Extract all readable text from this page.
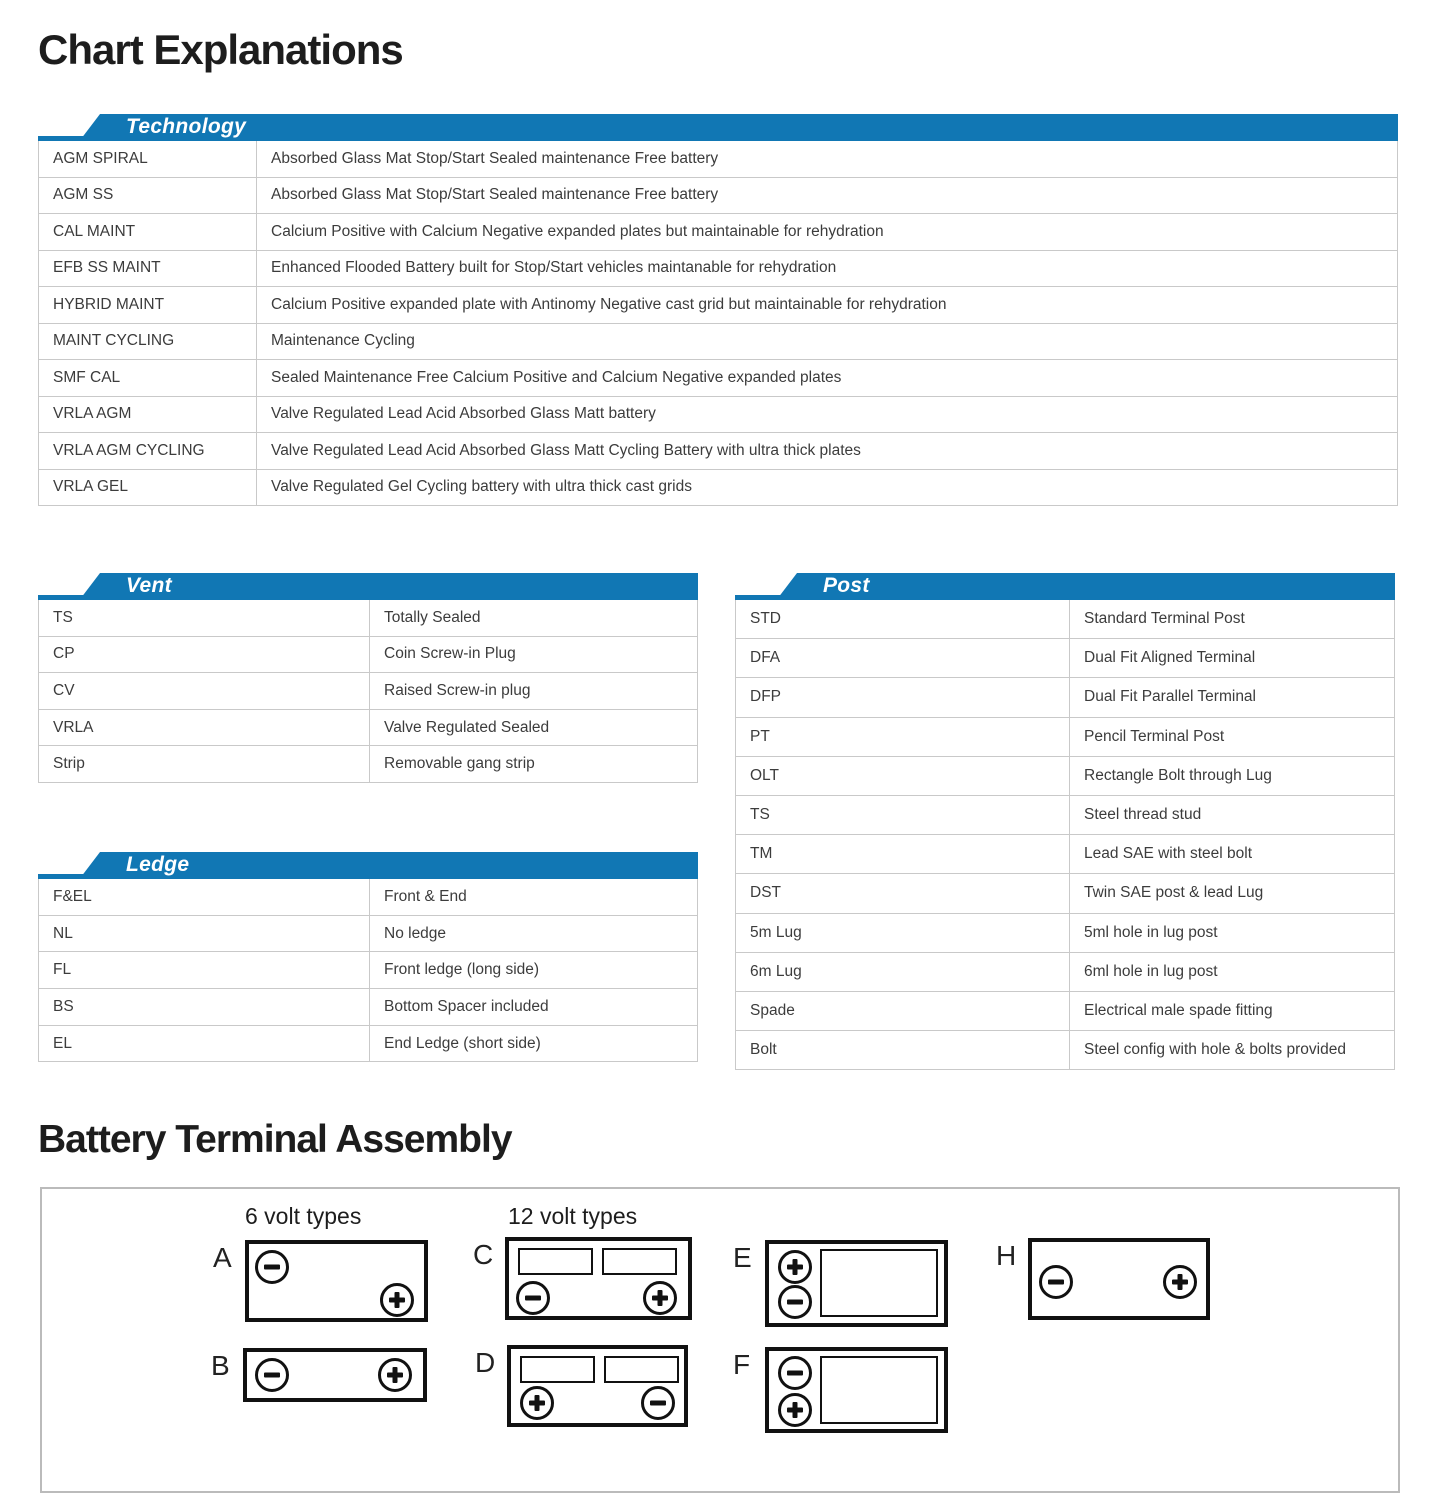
Chart Explanations
Technology
AGM SPIRAL	Absorbed Glass Mat Stop/Start Sealed maintenance Free battery
AGM SS	Absorbed Glass Mat Stop/Start Sealed maintenance Free battery
CAL MAINT	Calcium Positive with Calcium Negative expanded plates but maintainable for rehydration
EFB SS MAINT	Enhanced Flooded Battery built for Stop/Start vehicles maintanable for rehydration
HYBRID MAINT	Calcium Positive expanded plate with Antinomy Negative cast grid but maintainable for rehydration
MAINT CYCLING	Maintenance Cycling
SMF CAL	Sealed Maintenance Free Calcium Positive and Calcium Negative expanded plates
VRLA AGM	Valve Regulated Lead Acid Absorbed Glass Matt battery
VRLA AGM CYCLING	Valve Regulated Lead Acid Absorbed Glass Matt Cycling Battery with ultra thick plates
VRLA GEL	Valve Regulated Gel Cycling battery with ultra thick cast grids
Vent
TS	Totally Sealed
CP	Coin Screw-in Plug
CV	Raised Screw-in plug
VRLA	Valve Regulated Sealed
Strip	Removable gang strip
Post
STD	Standard Terminal Post
DFA	Dual Fit Aligned Terminal
DFP	Dual Fit Parallel Terminal
PT	Pencil Terminal Post
OLT	Rectangle Bolt through Lug
TS	Steel thread stud
TM	Lead SAE with steel bolt
DST	Twin SAE post & lead Lug
5m Lug	5ml hole in lug post
6m Lug	6ml hole in lug post
Spade	Electrical male spade fitting
Bolt	Steel config with hole & bolts provided
Ledge
F&EL	Front & End
NL	No ledge
FL	Front ledge (long side)
BS	Bottom Spacer included
EL	End Ledge (short side)
Battery Terminal Assembly
6 volt types	12 volt types
A
B
C
D
E
F
H
